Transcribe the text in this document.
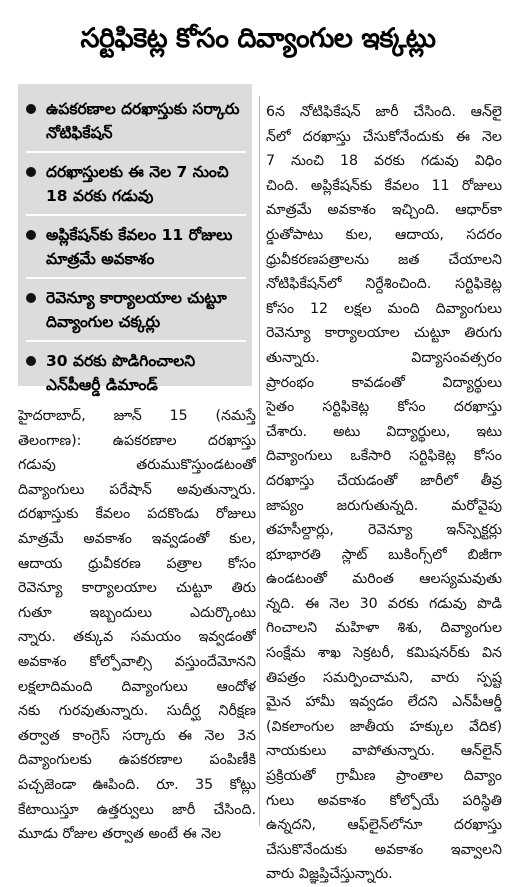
సర్టిఫికెట్ల కోసం దివ్యాంగుల ఇక్కట్లు
ఉపకరణాల దరఖాస్తుకు సర్కారు నోటిఫికేషన్
దరఖాస్తులకు ఈ నెల 7 నుంచి 18 వరకు గడువు
అప్లికేషన్‌కు కేవలం 11 రోజులు మాత్రమే అవకాశం
రెవెన్యూ కార్యాలయాల చుట్టూ దివ్యాంగుల చక్కర్లు
30 వరకు పొడిగించాలని ఎన్‌పీఆర్డీ డిమాండ్
హైదరాబాద్, జూన్ 15 (నమస్తే
తెలంగాణ): ఉపకరణాల దరఖాస్తు
గడువు తరుముకొస్తుండటంతో
దివ్యాంగులు పరేషాన్ అవుతున్నారు.
దరఖాస్తుకు కేవలం పదకొండు రోజులు
మాత్రమే అవకాశం ఇవ్వడంతో కుల,
ఆదాయ ధ్రువీకరణ పత్రాల కోసం
రెవెన్యూ కార్యాలయాల చుట్టూ తిరు
గుతూ ఇబ్బందులు ఎదుర్కొంటు
న్నారు. తక్కువ సమయం ఇవ్వడంతో
అవకాశం కోల్పోవాల్సి వస్తుందేమోనని
లక్షలాదిమంది దివ్యాంగులు ఆందోళ
నకు గురవుతున్నారు. సుదీర్ఘ నిరీక్షణ
తర్వాత కాంగ్రెస్ సర్కారు ఈ నెల 3న
దివ్యాంగులకు ఉపకరణాల పంపిణీకి
పచ్చజెండా ఊపింది. రూ. 35 కోట్లు
కేటాయిస్తూ ఉత్తర్వులు జారీ చేసింది.
మూడు రోజుల తర్వాత అంటే ఈ నెల
6న నోటిఫికేషన్ జారీ చేసింది. ఆన్‌లై
న్‌లో దరఖాస్తు చేసుకోనేందుకు ఈ నెల
7 నుంచి 18 వరకు గడువు విధిం
చింది. అప్లికేషన్‌కు కేవలం 11 రోజులు
మాత్రమే అవకాశం ఇచ్చింది. ఆధార్‌కా
ర్డుతోపాటు కుల, ఆదాయ, సదరం
ధ్రువీకరణపత్రాలను జత చేయాలని
నోటిఫికేషన్‌లో నిర్దేశించింది. సర్టిఫికెట్ల
కోసం 12 లక్షల మంది దివ్యాంగులు
రెవెన్యూ కార్యాలయాల చుట్టూ తిరుగు
తున్నారు. విద్యాసంవత్సరం
ప్రారంభం కావడంతో విద్యార్థులు
సైతం సర్టిఫికెట్ల కోసం దరఖాస్తు
చేశారు. అటు విద్యార్థులు, ఇటు
దివ్యాంగులు ఒకేసారి సర్టిఫికెట్ల కోసం
దరఖాస్తు చేయడంతో జారీలో తీవ్ర
జాప్యం జరుగుతున్నది. మరోవైపు
తహసీల్దార్లు, రెవెన్యూ ఇన్‌స్పెక్టర్లు
భూభారతి స్లాట్ బుకింగ్స్‌లో బిజీగా
ఉండటంతో మరింత ఆలస్యమవుతు
న్నది. ఈ నెల 30 వరకు గడువు పొడి
గించాలని మహిళా శిశు, దివ్యాంగుల
సంక్షేమ శాఖ సెక్రటరీ, కమిషనర్‌కు విన
తిపత్రం సమర్పించామని, వారు స్పష్ట
మైన హామీ ఇవ్వడం లేదని ఎన్‌పీఆర్డీ
(వికలాంగుల జాతీయ హక్కుల వేదిక)
నాయకులు వాపోతున్నారు. ఆన్‌లైన్
ప్రక్రియతో గ్రామీణ ప్రాంతాల దివ్యాం
గులు అవకాశం కోల్పోయే పరిస్థితి
ఉన్నదని, ఆఫ్‌లైన్‌లోనూ దరఖాస్తు
చేసుకొనేందుకు అవకాశం ఇవ్వాలని
వారు విజ్ఞప్తిచేస్తున్నారు.
